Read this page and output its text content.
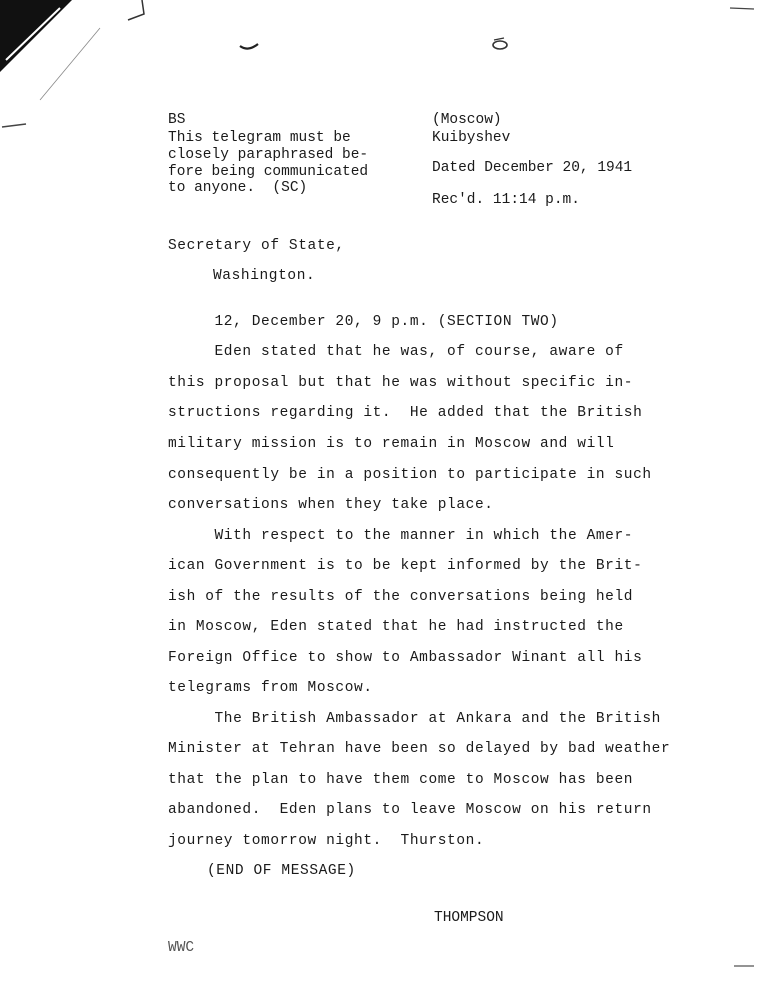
BS
This telegram must be
closely paraphrased be-
fore being communicated
to anyone.  (SC)
(Moscow)
Kuibyshev
Dated December 20, 1941
Rec'd. 11:14 p.m.
Secretary of State,
Washington.
12, December 20, 9 p.m. (SECTION TWO)
Eden stated that he was, of course, aware of
this proposal but that he was without specific in-
structions regarding it.  He added that the British
military mission is to remain in Moscow and will
consequently be in a position to participate in such
conversations when they take place.
With respect to the manner in which the Amer-
ican Government is to be kept informed by the Brit-
ish of the results of the conversations being held
in Moscow, Eden stated that he had instructed the
Foreign Office to show to Ambassador Winant all his
telegrams from Moscow.
The British Ambassador at Ankara and the British
Minister at Tehran have been so delayed by bad weather
that the plan to have them come to Moscow has been
abandoned.  Eden plans to leave Moscow on his return
journey tomorrow night.  Thurston.
(END OF MESSAGE)
THOMPSON
WWC
